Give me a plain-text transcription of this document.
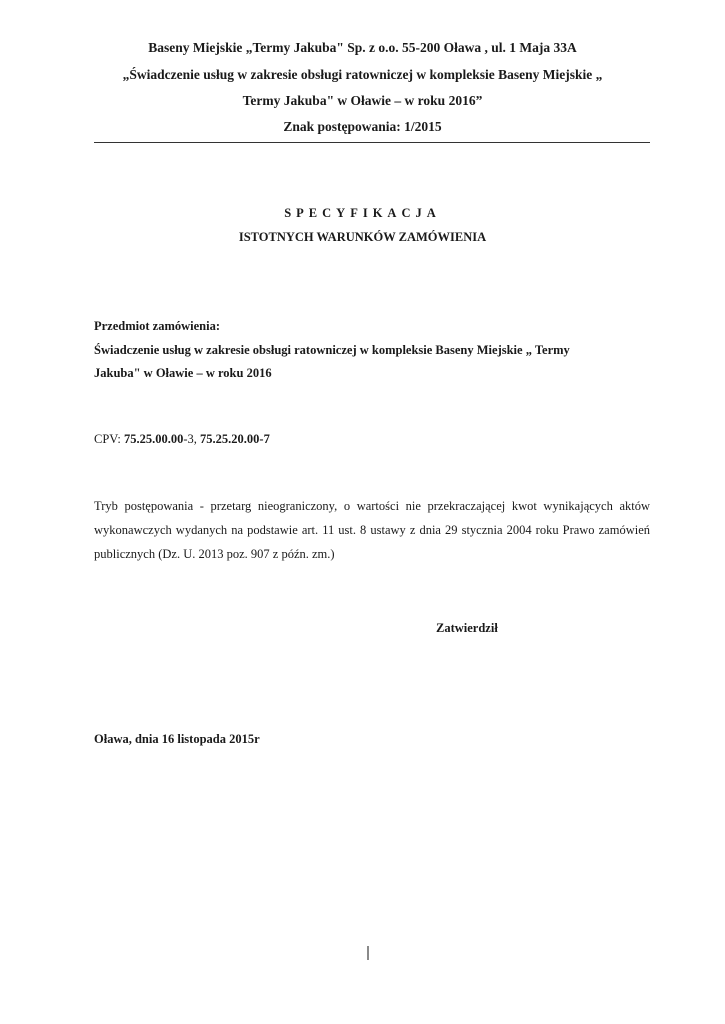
Baseny Miejskie „Termy Jakuba" Sp. z o.o. 55-200 Oława , ul. 1 Maja 33A
„Świadczenie usług w zakresie obsługi ratowniczej w kompleksie Baseny Miejskie „
Termy Jakuba" w Oławie – w roku 2016”
Znak postępowania: 1/2015
SPECYFIKACJA
ISTOTNYCH WARUNKÓW ZAMÓWIENIA
Przedmiot zamówienia:
Świadczenie usług w zakresie obsługi ratowniczej w kompleksie Baseny Miejskie „ Termy
Jakuba" w Oławie – w roku 2016
CPV: 75.25.00.00-3, 75.25.20.00-7
Tryb postępowania - przetarg nieograniczony, o wartości nie przekraczającej kwot wynikających aktów wykonawczych wydanych na podstawie art. 11 ust. 8 ustawy z dnia 29 stycznia 2004 roku Prawo zamówień publicznych (Dz. U. 2013 poz. 907 z późn. zm.)
Zatwierdził
Oława, dnia 16 listopada 2015r
